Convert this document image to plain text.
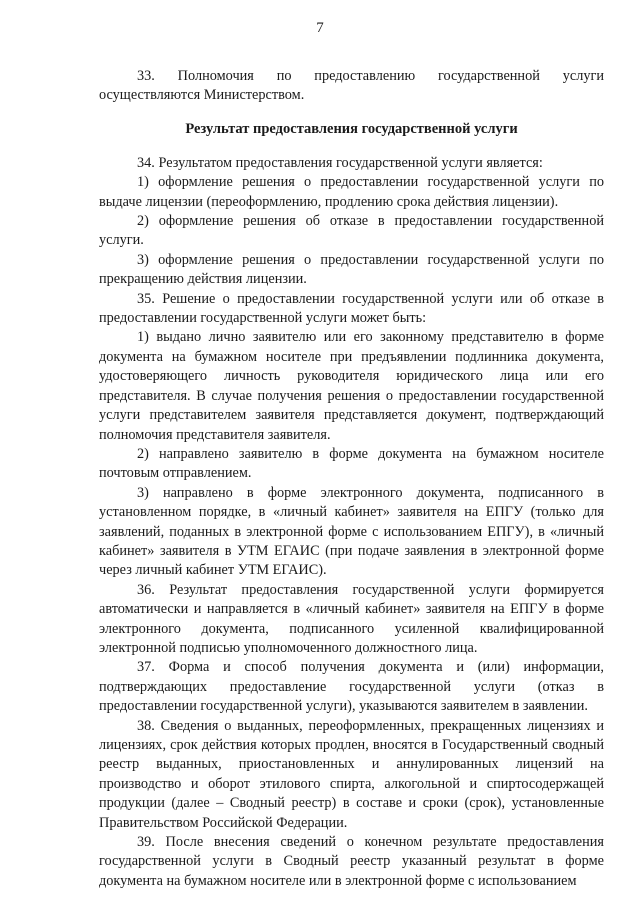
7

33. Полномочия по предоставлению государственной услуги осуществляются Министерством.

Результат предоставления государственной услуги

34. Результатом предоставления государственной услуги является:

1) оформление решения о предоставлении государственной услуги по выдаче лицензии (переоформлению, продлению срока действия лицензии).

2) оформление решения об отказе в предоставлении государственной услуги.

3) оформление решения о предоставлении государственной услуги по прекращению действия лицензии.

35. Решение о предоставлении государственной услуги или об отказе в предоставлении государственной услуги может быть:

1) выдано лично заявителю или его законному представителю в форме документа на бумажном носителе при предъявлении подлинника документа, удостоверяющего личность руководителя юридического лица или его представителя. В случае получения решения о предоставлении государственной услуги представителем заявителя представляется документ, подтверждающий полномочия представителя заявителя.

2) направлено заявителю в форме документа на бумажном носителе почтовым отправлением.

3) направлено в форме электронного документа, подписанного в установленном порядке, в «личный кабинет» заявителя на ЕПГУ (только для заявлений, поданных в электронной форме с использованием ЕПГУ), в «личный кабинет» заявителя в УТМ ЕГАИС (при подаче заявления в электронной форме через личный кабинет УТМ ЕГАИС).

36. Результат предоставления государственной услуги формируется автоматически и направляется в «личный кабинет» заявителя на ЕПГУ в форме электронного документа, подписанного усиленной квалифицированной электронной подписью уполномоченного должностного лица.

37. Форма и способ получения документа и (или) информации, подтверждающих предоставление государственной услуги (отказ в предоставлении государственной услуги), указываются заявителем в заявлении.

38. Сведения о выданных, переоформленных, прекращенных лицензиях и лицензиях, срок действия которых продлен, вносятся в Государственный сводный реестр выданных, приостановленных и аннулированных лицензий на производство и оборот этилового спирта, алкогольной и спиртосодержащей продукции (далее – Сводный реестр) в составе и сроки (срок), установленные Правительством Российской Федерации.

39. После внесения сведений о конечном результате предоставления государственной услуги в Сводный реестр указанный результат в форме документа на бумажном носителе или в электронной форме с использованием
